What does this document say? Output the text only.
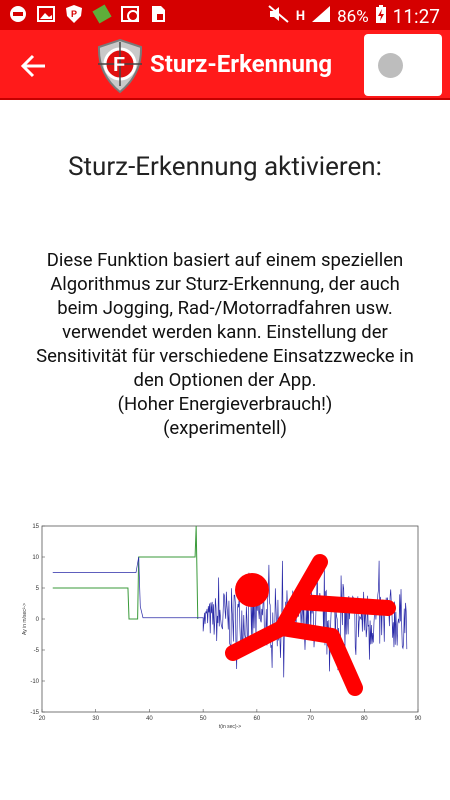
P	H 86% 11:27
F Sturz-Erkennung
Sturz-Erkennung aktivieren:
Diese Funktion basiert auf einem speziellen
Algorithmus zur Sturz-Erkennung, der auch
beim Jogging, Rad-/Motorradfahren usw.
verwendet werden kann. Einstellung der
Sensitivität für verschiedene Einsatzzwecke in
den Optionen der App.
(Hoher Energieverbrauch!)
(experimentell)
20	30	40	50	60	70	80	90
15
10
5
0
-5
-10
-15
t(in sec)->
Ay in m/sec²->
